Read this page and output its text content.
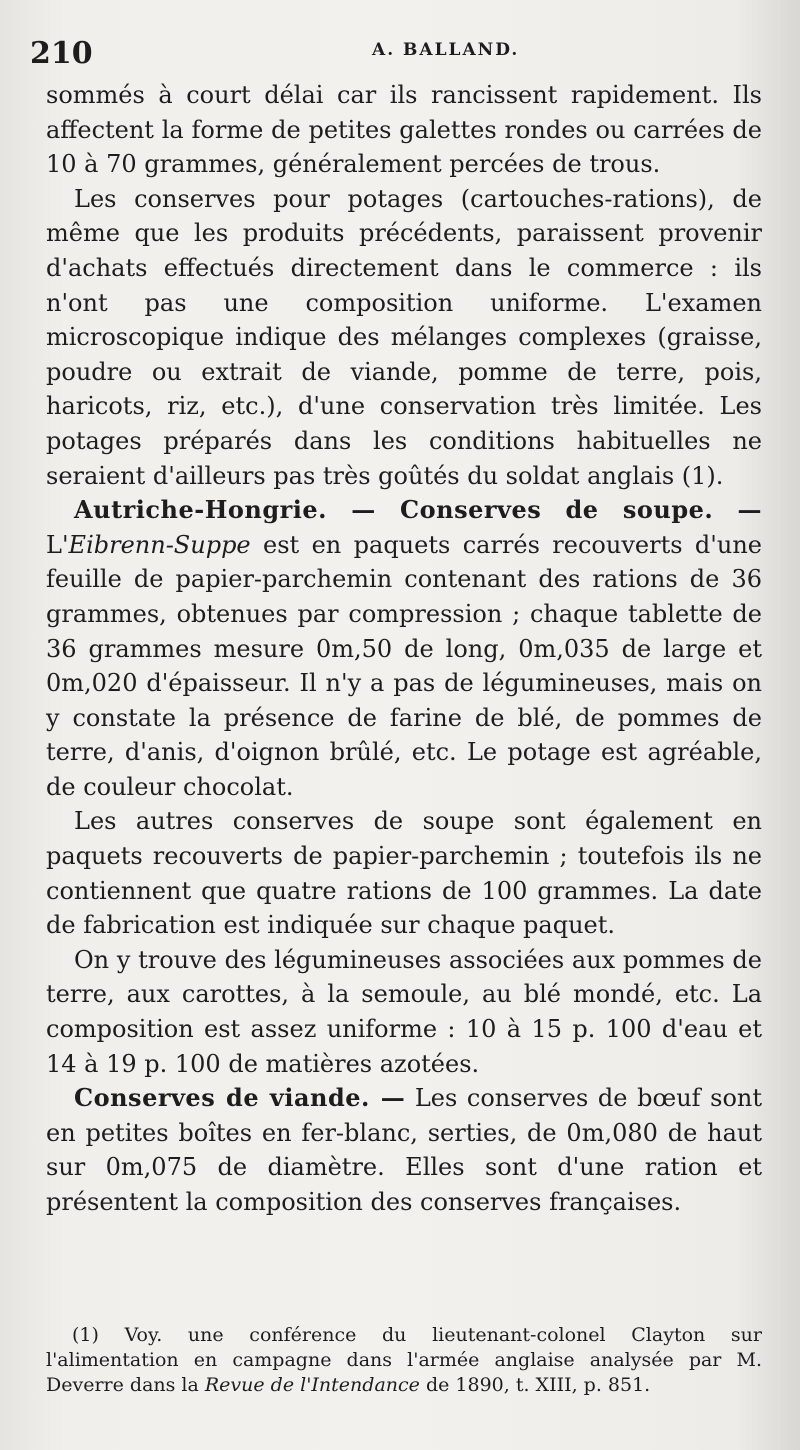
210	A. BALLAND.

sommés à court délai car ils rancissent rapidement. Ils affectent la forme de petites galettes rondes ou carrées de 10 à 70 grammes, généralement percées de trous.

Les conserves pour potages (cartouches-rations), de même que les produits précédents, paraissent provenir d'achats effectués directement dans le commerce : ils n'ont pas une composition uniforme. L'examen microscopique indique des mélanges complexes (graisse, poudre ou extrait de viande, pomme de terre, pois, haricots, riz, etc.), d'une conservation très limitée. Les potages préparés dans les conditions habituelles ne seraient d'ailleurs pas très goûtés du soldat anglais (1).

Autriche-Hongrie. — Conserves de soupe. — L'Eibrenn-Suppe est en paquets carrés recouverts d'une feuille de papier-parchemin contenant des rations de 36 grammes, obtenues par compression ; chaque tablette de 36 grammes mesure 0m,50 de long, 0m,035 de large et 0m,020 d'épaisseur. Il n'y a pas de légumineuses, mais on y constate la présence de farine de blé, de pommes de terre, d'anis, d'oignon brûlé, etc. Le potage est agréable, de couleur chocolat.

Les autres conserves de soupe sont également en paquets recouverts de papier-parchemin ; toutefois ils ne contiennent que quatre rations de 100 grammes. La date de fabrication est indiquée sur chaque paquet.

On y trouve des légumineuses associées aux pommes de terre, aux carottes, à la semoule, au blé mondé, etc. La composition est assez uniforme : 10 à 15 p. 100 d'eau et 14 à 19 p. 100 de matières azotées.

Conserves de viande. — Les conserves de bœuf sont en petites boîtes en fer-blanc, serties, de 0m,080 de haut sur 0m,075 de diamètre. Elles sont d'une ration et présentent la composition des conserves françaises.

(1) Voy. une conférence du lieutenant-colonel Clayton sur l'alimentation en campagne dans l'armée anglaise analysée par M. Deverre dans la Revue de l'Intendance de 1890, t. XIII, p. 851.
